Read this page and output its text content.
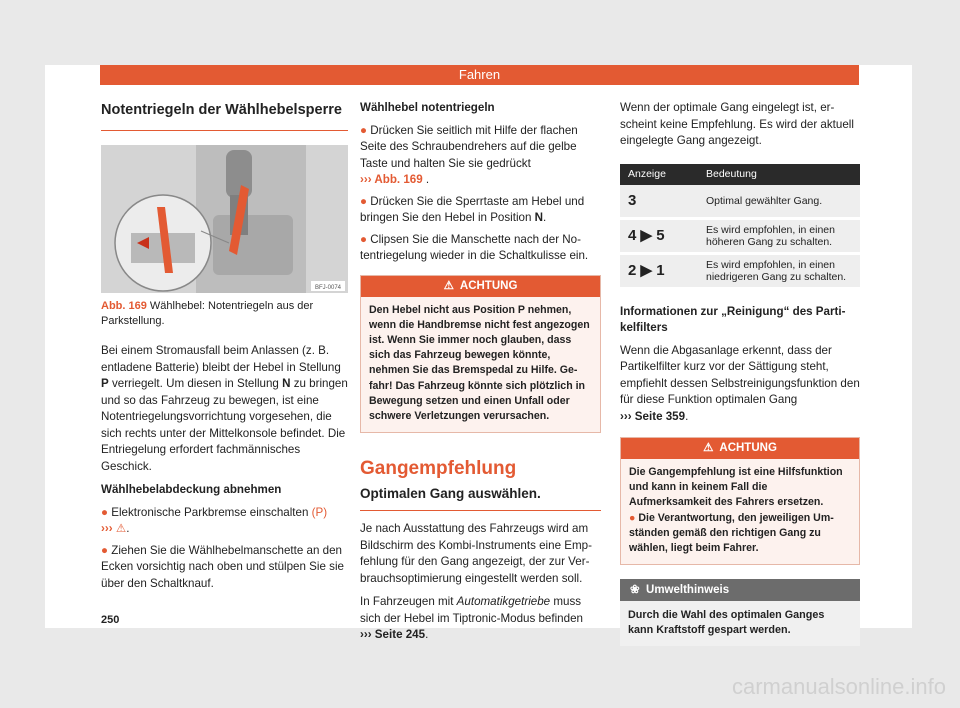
Fahren
Notentriegeln der Wählhebelsperre
BFJ-0074
Abb. 169 Wählhebel: Notentriegeln aus der Parkstellung.

Bei einem Stromausfall beim Anlassen (z. B. entladene Batterie) bleibt der Hebel in Stellung P verriegelt. Um diesen in Stellung N zu bringen und so das Fahrzeug zu bewegen, ist eine Notentriegelungsvorrichtung vorgesehen, die sich rechts unter der Mittelkonsole befindet. Die Entriegelung erfordert fachmännisches Geschick.

Wählhebelabdeckung abnehmen
● Elektronische Parkbremse einschalten (P)
››› ⚠.
● Ziehen Sie die Wählhebelmanschette an den Ecken vorsichtig nach oben und stülpen Sie sie über den Schaltknauf.
Wählhebel notentriegeln
● Drücken Sie seitlich mit Hilfe der flachen Seite des Schraubendrehers auf die gelbe Taste und halten Sie sie gedrückt
››› Abb. 169 .
● Drücken Sie die Sperrtaste am Hebel und bringen Sie den Hebel in Position N.
● Clipsen Sie die Manschette nach der Notentriegelung wieder in die Schaltkulisse ein.
⚠ ACHTUNG
Den Hebel nicht aus Position P nehmen, wenn die Handbremse nicht fest angezogen ist. Wenn Sie immer noch glauben, dass sich das Fahrzeug bewegen könnte, nehmen Sie das Bremspedal zu Hilfe. Gefahr! Das Fahrzeug könnte sich plötzlich in Bewegung setzen und einen Unfall oder schwere Verletzungen verursachen.
Gangempfehlung
Optimalen Gang auswählen.

Je nach Ausstattung des Fahrzeugs wird am Bildschirm des Kombi-Instruments eine Empfehlung für den Gang angezeigt, der zur Verbrauchsoptimierung eingestellt werden soll.

In Fahrzeugen mit Automatikgetriebe muss sich der Hebel im Tiptronic-Modus befinden
››› Seite 245.

Wenn der optimale Gang eingelegt ist, erscheint keine Empfehlung. Es wird der aktuell eingelegte Gang angezeigt.

Anzeige	Bedeutung
3	Optimal gewählter Gang.
4 ▶ 5	Es wird empfohlen, in einen höheren Gang zu schalten.
2 ▶ 1	Es wird empfohlen, in einen niedrigeren Gang zu schalten.
Informationen zur „Reinigung“ des Partikelfilters

Wenn die Abgasanlage erkennt, dass der Partikelfilter kurz vor der Sättigung steht, empfiehlt dessen Selbstreinigungsfunktion den für diese Funktion optimalen Gang
››› Seite 359.

⚠ ACHTUNG
Die Gangempfehlung ist eine Hilfsfunktion und kann in keinem Fall die Aufmerksamkeit des Fahrers ersetzen.
● Die Verantwortung, den jeweiligen Umständen gemäß den richtigen Gang zu wählen, liegt beim Fahrer.
❀ Umwelthinweis
Durch die Wahl des optimalen Ganges kann Kraftstoff gespart werden.
250
carmanualsonline.info
